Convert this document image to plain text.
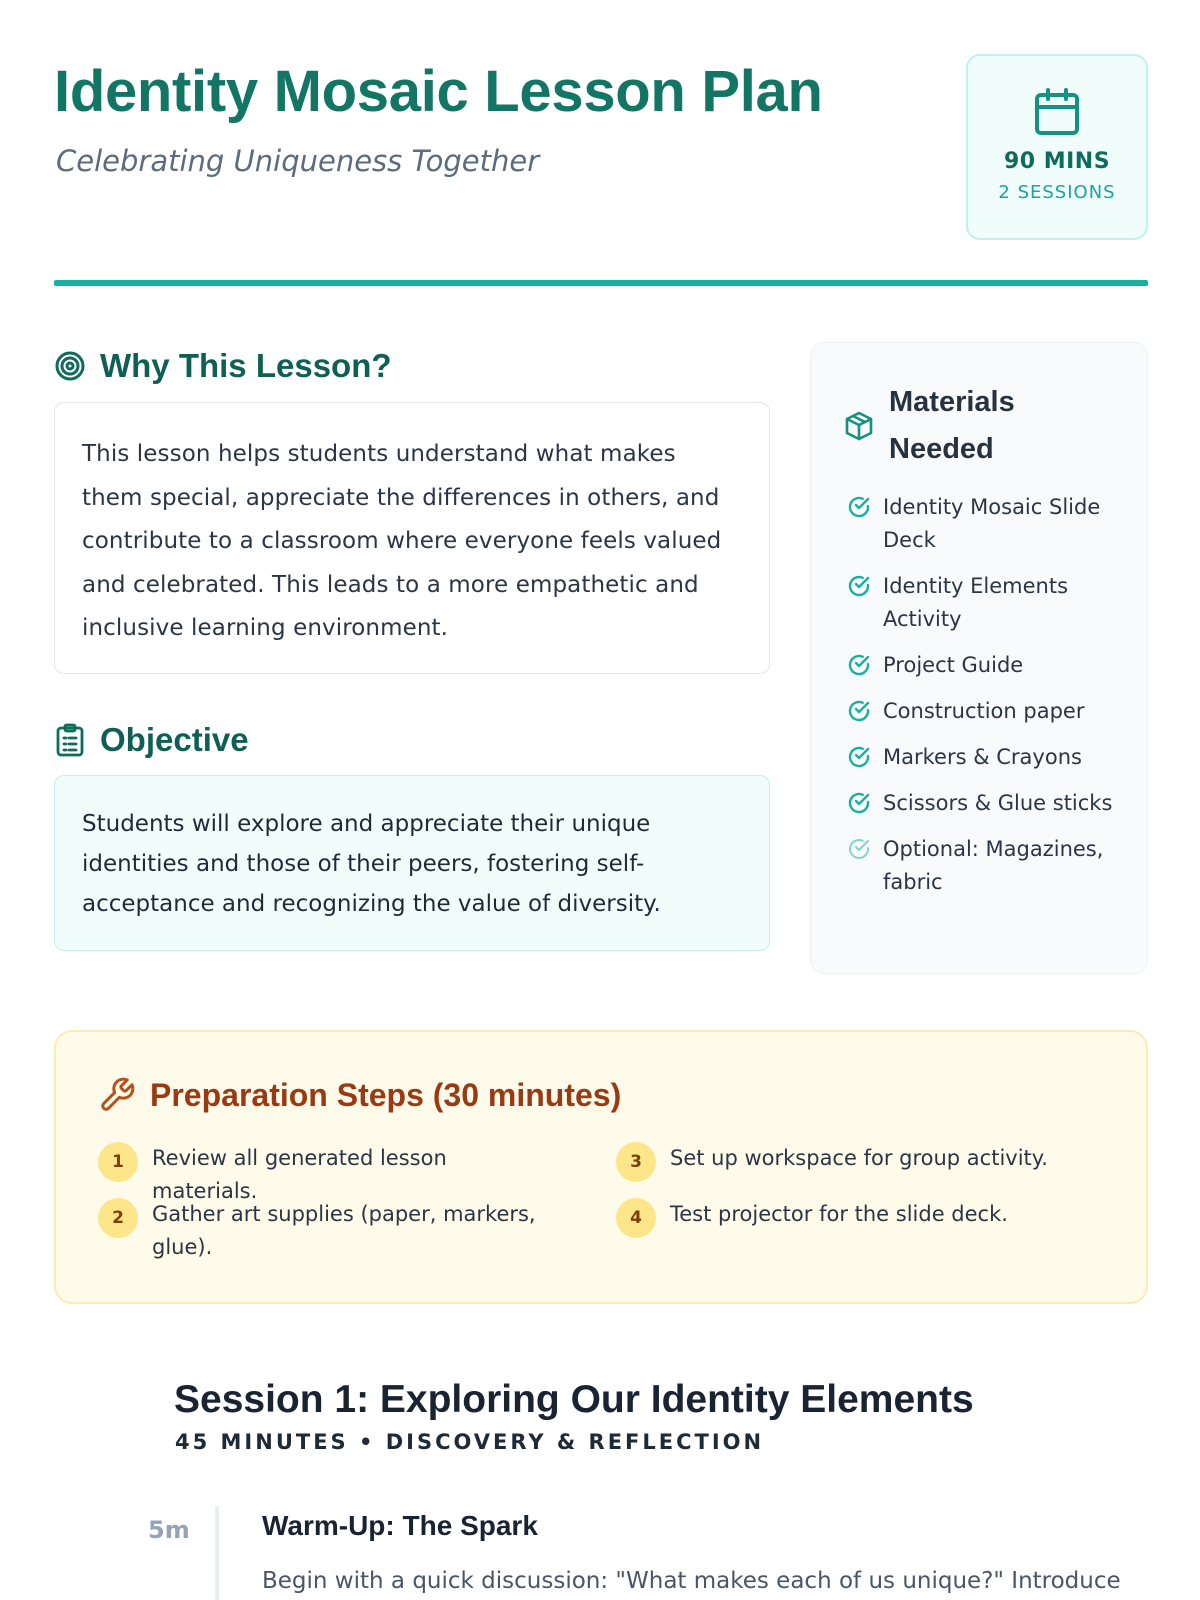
Identity Mosaic Lesson Plan
Celebrating Uniqueness Together	90 MINS
2 SESSIONS
Why This Lesson?

This lesson helps students understand what makes them special, appreciate the differences in others, and contribute to a classroom where everyone feels valued and celebrated. This leads to a more empathetic and inclusive learning environment.

Objective

Students will explore and appreciate their unique identities and those of their peers, fostering self-acceptance and recognizing the value of diversity.

Materials Needed
Identity Mosaic Slide Deck
Identity Elements Activity
Project Guide
Construction paper
Markers & Crayons
Scissors & Glue sticks
Optional: Magazines, fabric
Preparation Steps (30 minutes)
1	Review all generated lesson materials.
2	Gather art supplies (paper, markers, glue).
3	Set up workspace for group activity.
4	Test projector for the slide deck.
Session 1: Exploring Our Identity Elements
45 MINUTES • DISCOVERY & REFLECTION
5m	Warm-Up: The Spark
Begin with a quick discussion: "What makes each of us unique?" Introduce
